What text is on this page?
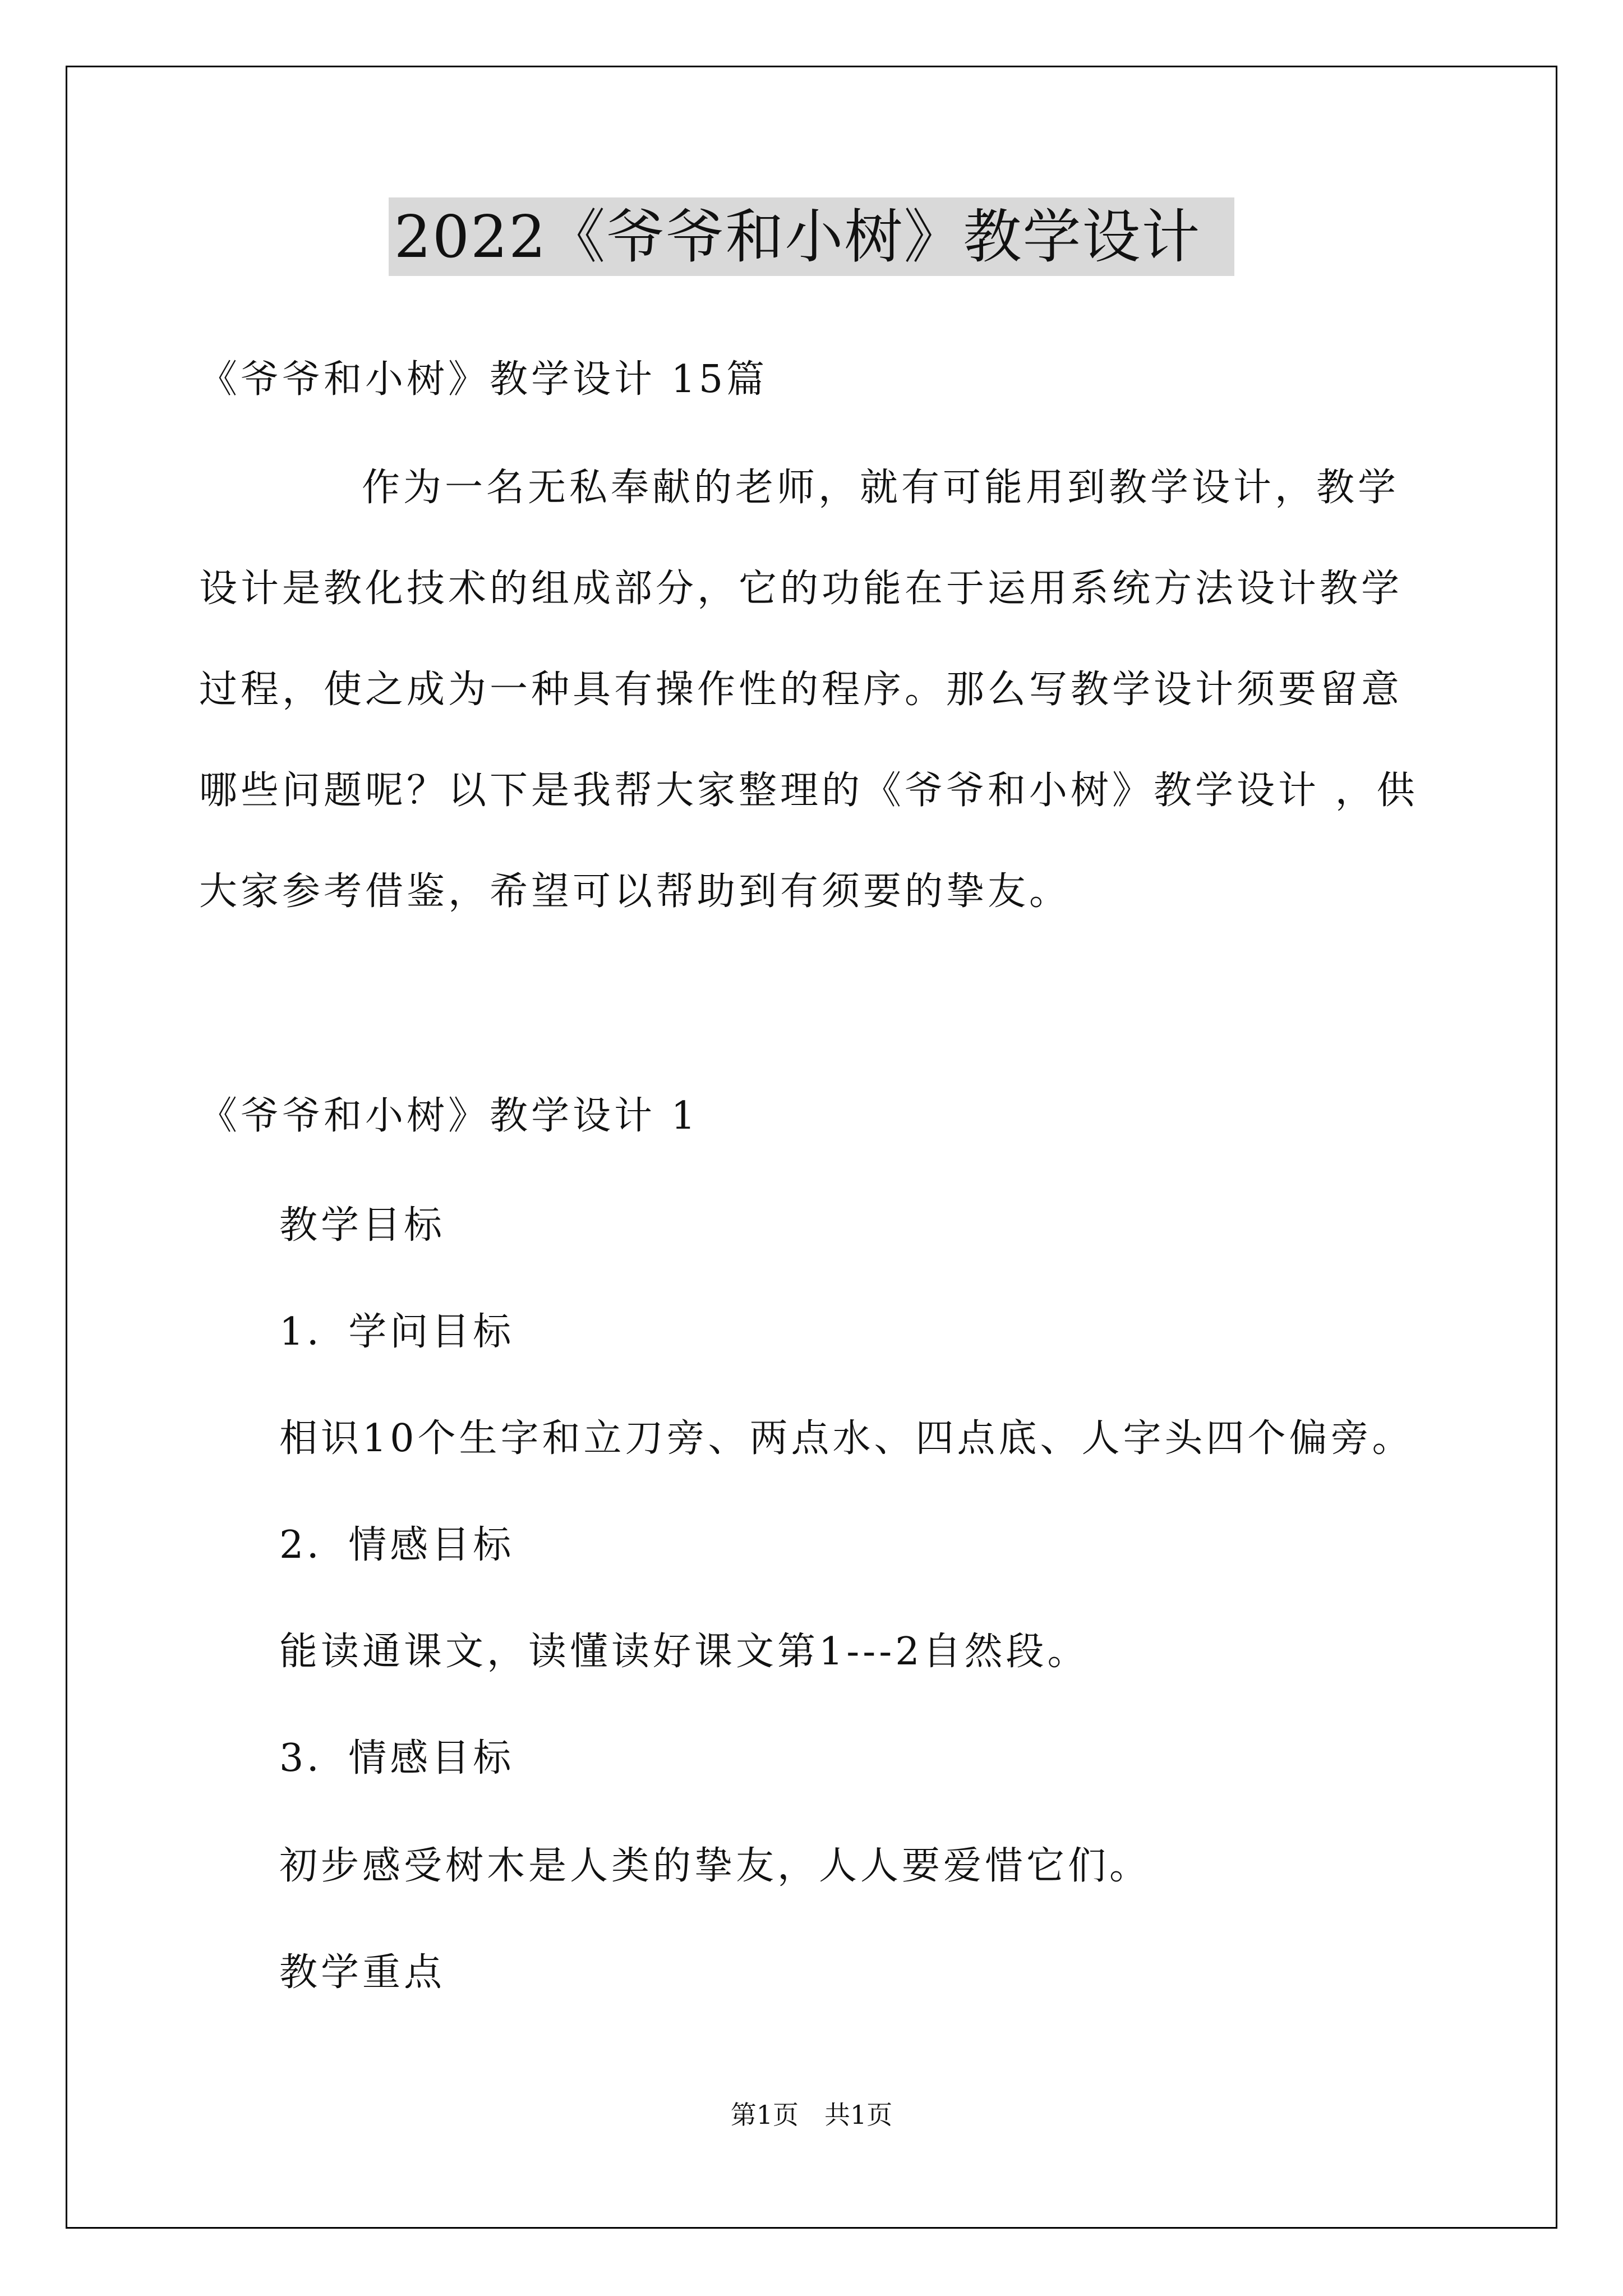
2022《爷爷和小树》教学设计
《爷爷和小树》教学设计 15篇
作为一名无私奉献的老师，就有可能用到教学设计，教学设计是教化技术的组成部分，它的功能在于运用系统方法设计教学过程，使之成为一种具有操作性的程序。那么写教学设计须要留意哪些问题呢？以下是我帮大家整理的《爷爷和小树》教学设计 ，供大家参考借鉴，希望可以帮助到有须要的挚友。
《爷爷和小树》教学设计 1
教学目标
1．学问目标
相识10个生字和立刀旁、两点水、四点底、人字头四个偏旁。
2．情感目标
能读通课文，读懂读好课文第1---2自然段。
3．情感目标
初步感受树木是人类的挚友，人人要爱惜它们。
教学重点
第1页　共1页
